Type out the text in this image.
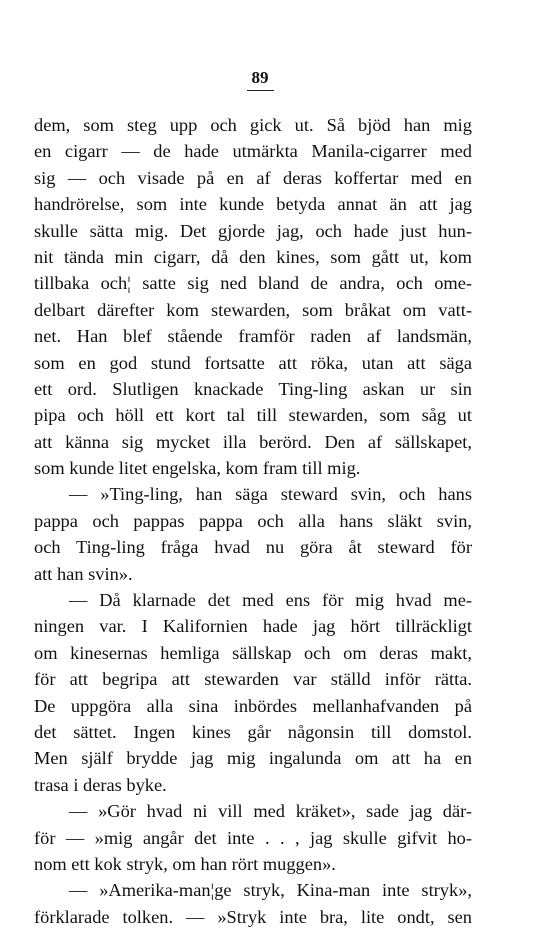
89
dem, som steg upp och gick ut. Så bjöd han mig
en cigarr — de hade utmärkta Manila-cigarrer med
sig — och visade på en af deras koffertar med en
handrörelse, som inte kunde betyda annat än att jag
skulle sätta mig. Det gjorde jag, och hade just hun-
nit tända min cigarr, då den kines, som gått ut, kom
tillbaka och¦ satte sig ned bland de andra, och ome-
delbart därefter kom stewarden, som bråkat om vatt-
net. Han blef stående framför raden af landsmän,
som en god stund fortsatte att röka, utan att säga
ett ord. Slutligen knackade Ting-ling askan ur sin
pipa och höll ett kort tal till stewarden, som såg ut
att känna sig mycket illa berörd. Den af sällskapet,
som kunde litet engelska, kom fram till mig.
— »Ting-ling, han säga steward svin, och hans
pappa och pappas pappa och alla hans släkt svin,
och Ting-ling fråga hvad nu göra åt steward för
att han svin».
— Då klarnade det med ens för mig hvad me-
ningen var. I Kalifornien hade jag hört tillräckligt
om kinesernas hemliga sällskap och om deras makt,
för att begripa att stewarden var ställd inför rätta.
De uppgöra alla sina inbördes mellanhafvanden på
det sättet. Ingen kines går någonsin till domstol.
Men själf brydde jag mig ingalunda om att ha en
trasa i deras byke.
— »Gör hvad ni vill med kräket», sade jag där-
för — »mig angår det inte . . , jag skulle gifvit ho-
nom ett kok stryk, om han rört muggen».
— »Amerika-man¦ge stryk, Kina-man inte stryk»,
förklarade tolken. — »Stryk inte bra, lite ondt, sen
